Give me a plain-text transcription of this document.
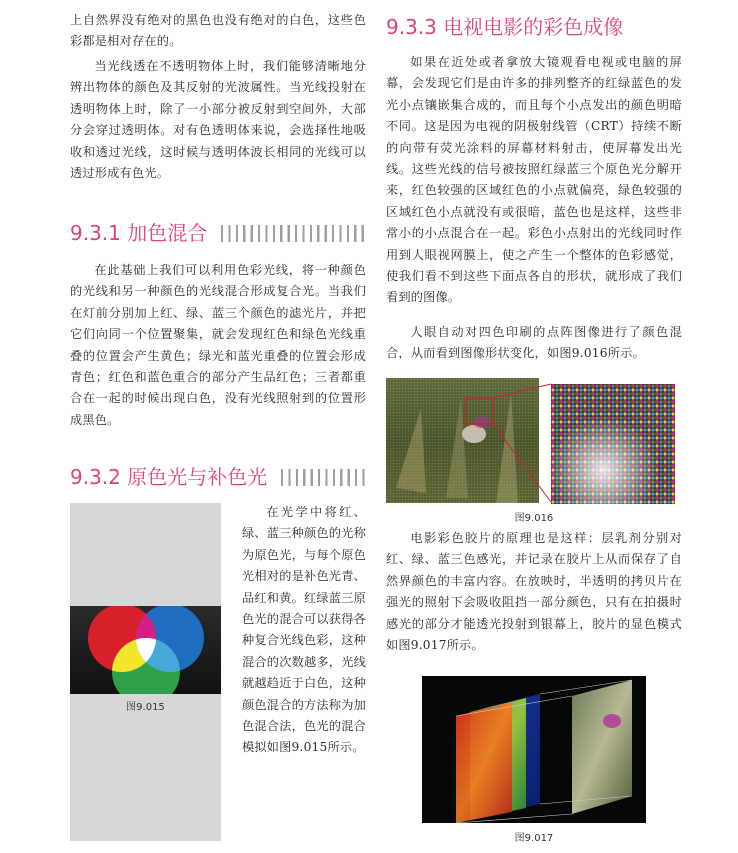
上自然界没有绝对的黑色也没有绝对的白色，这些色彩都是相对存在的。

当光线透在不透明物体上时，我们能够清晰地分辨出物体的颜色及其反射的光波属性。当光线投射在透明物体上时，除了一小部分被反射到空间外，大部分会穿过透明体。对有色透明体来说，会选择性地吸收和透过光线，这时候与透明体波长相同的光线可以透过形成有色光。

9.3.1 加色混合

在此基础上我们可以利用色彩光线，将一种颜色的光线和另一种颜色的光线混合形成复合光。当我们在灯前分别加上红、绿、蓝三个颜色的滤光片，并把它们向同一个位置聚集，就会发现红色和绿色光线重叠的位置会产生黄色；绿光和蓝光重叠的位置会形成青色；红色和蓝色重合的部分产生品红色；三者都重合在一起的时候出现白色，没有光线照射到的位置形成黑色。

9.3.2 原色光与补色光

在光学中将红、绿、蓝三种颜色的光称为原色光，与每个原色光相对的是补色光青、品红和黄。红绿蓝三原色光的混合可以获得各种复合光线色彩，这种混合的次数越多，光线就越趋近于白色，这种颜色混合的方法称为加色混合法，色光的混合模拟如图9.015所示。

图9.015
9.3.3 电视电影的彩色成像

如果在近处或者拿放大镜观看电视或电脑的屏幕，会发现它们是由许多的排列整齐的红绿蓝色的发光小点镶嵌集合成的，而且每个小点发出的颜色明暗不同。这是因为电视的阴极射线管（CRT）持续不断的向带有荧光涂料的屏幕材料射击，使屏幕发出光线。这些光线的信号被按照红绿蓝三个原色光分解开来，红色较强的区域红色的小点就偏亮，绿色较强的区域红色小点就没有或很暗，蓝色也是这样，这些非常小的小点混合在一起。彩色小点射出的光线同时作用到人眼视网膜上，使之产生一个整体的色彩感觉，使我们看不到这些下面点各自的形状，就形成了我们看到的图像。

人眼自动对四色印刷的点阵图像进行了颜色混合，从而看到图像形状变化，如图9.016所示。

图9.016

电影彩色胶片的原理也是这样：层乳剂分别对红、绿、蓝三色感光，并记录在胶片上从而保存了自然界颜色的丰富内容。在放映时，半透明的拷贝片在强光的照射下会吸收阻挡一部分颜色，只有在拍摄时感光的部分才能透光投射到银幕上，胶片的显色模式如图9.017所示。

图9.017
